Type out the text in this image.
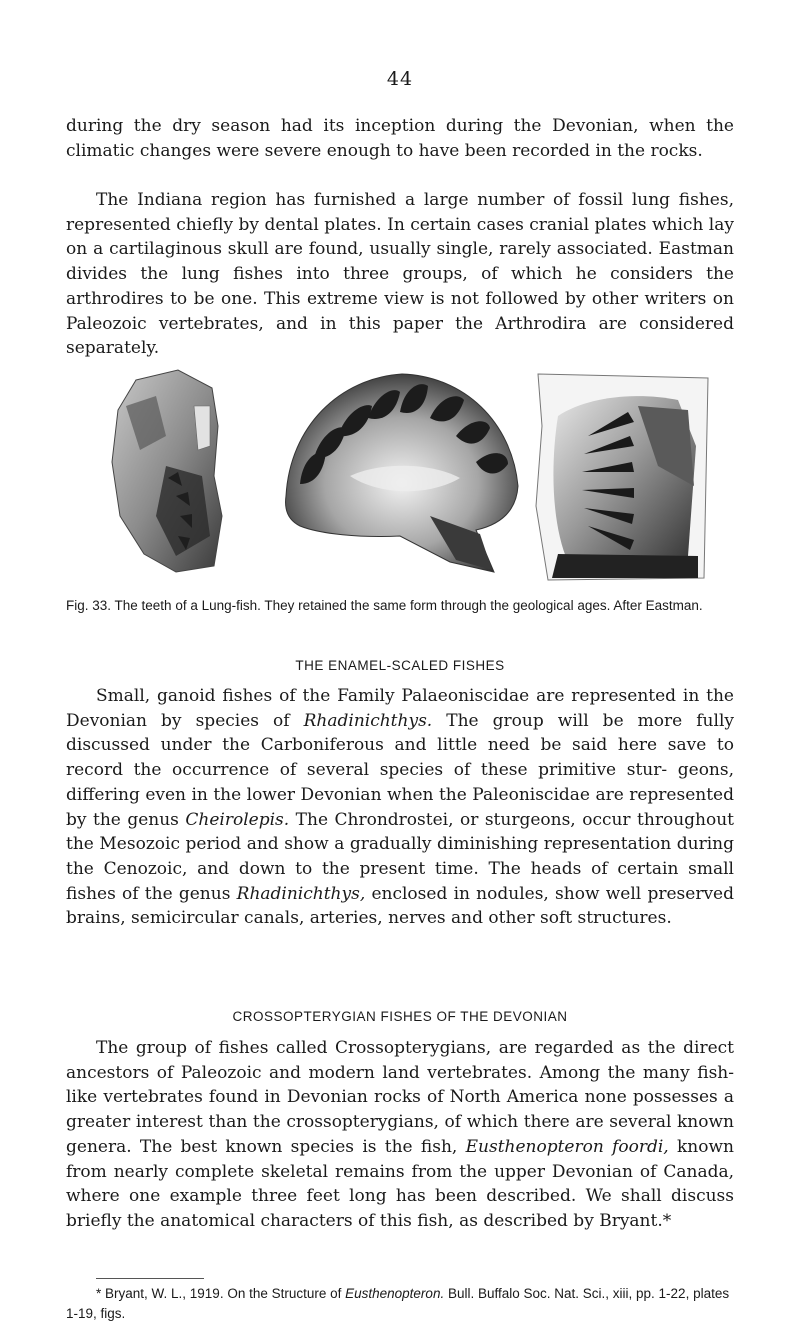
44

during the dry season had its inception during the Devonian, when the climatic changes were severe enough to have been recorded in the rocks.

The Indiana region has furnished a large number of fossil lung fishes, represented chiefly by dental plates. In certain cases cranial plates which lay on a cartilaginous skull are found, usually single, rarely associated. Eastman divides the lung fishes into three groups, of which he considers the arthrodires to be one. This extreme view is not followed by other writers on Paleozoic vertebrates, and in this paper the Arthrodira are considered separately.

Fig. 33. The teeth of a Lung-fish. They retained the same form through the geological ages. After Eastman.

THE ENAMEL-SCALED FISHES

Small, ganoid fishes of the Family Palaeoniscidae are represented in the Devonian by species of Rhadinichthys. The group will be more fully discussed under the Carboniferous and little need be said here save to record the occurrence of several species of these primitive stur- geons, differing even in the lower Devonian when the Paleoniscidae are represented by the genus Cheirolepis. The Chrondrostei, or sturgeons, occur throughout the Mesozoic period and show a gradually diminishing representation during the Cenozoic, and down to the present time. The heads of certain small fishes of the genus Rhadinichthys, enclosed in nodules, show well preserved brains, semicircular canals, arteries, nerves and other soft structures.

CROSSOPTERYGIAN FISHES OF THE DEVONIAN

The group of fishes called Crossopterygians, are regarded as the direct ancestors of Paleozoic and modern land vertebrates. Among the many fish-like vertebrates found in Devonian rocks of North America none possesses a greater interest than the crossopterygians, of which there are several known genera. The best known species is the fish, Eusthenopteron foordi, known from nearly complete skeletal remains from the upper Devonian of Canada, where one example three feet long has been described. We shall discuss briefly the anatomical characters of this fish, as described by Bryant.*

* Bryant, W. L., 1919. On the Structure of Eusthenopteron. Bull. Buffalo Soc. Nat. Sci., xiii, pp. 1-22, plates 1-19, figs.
